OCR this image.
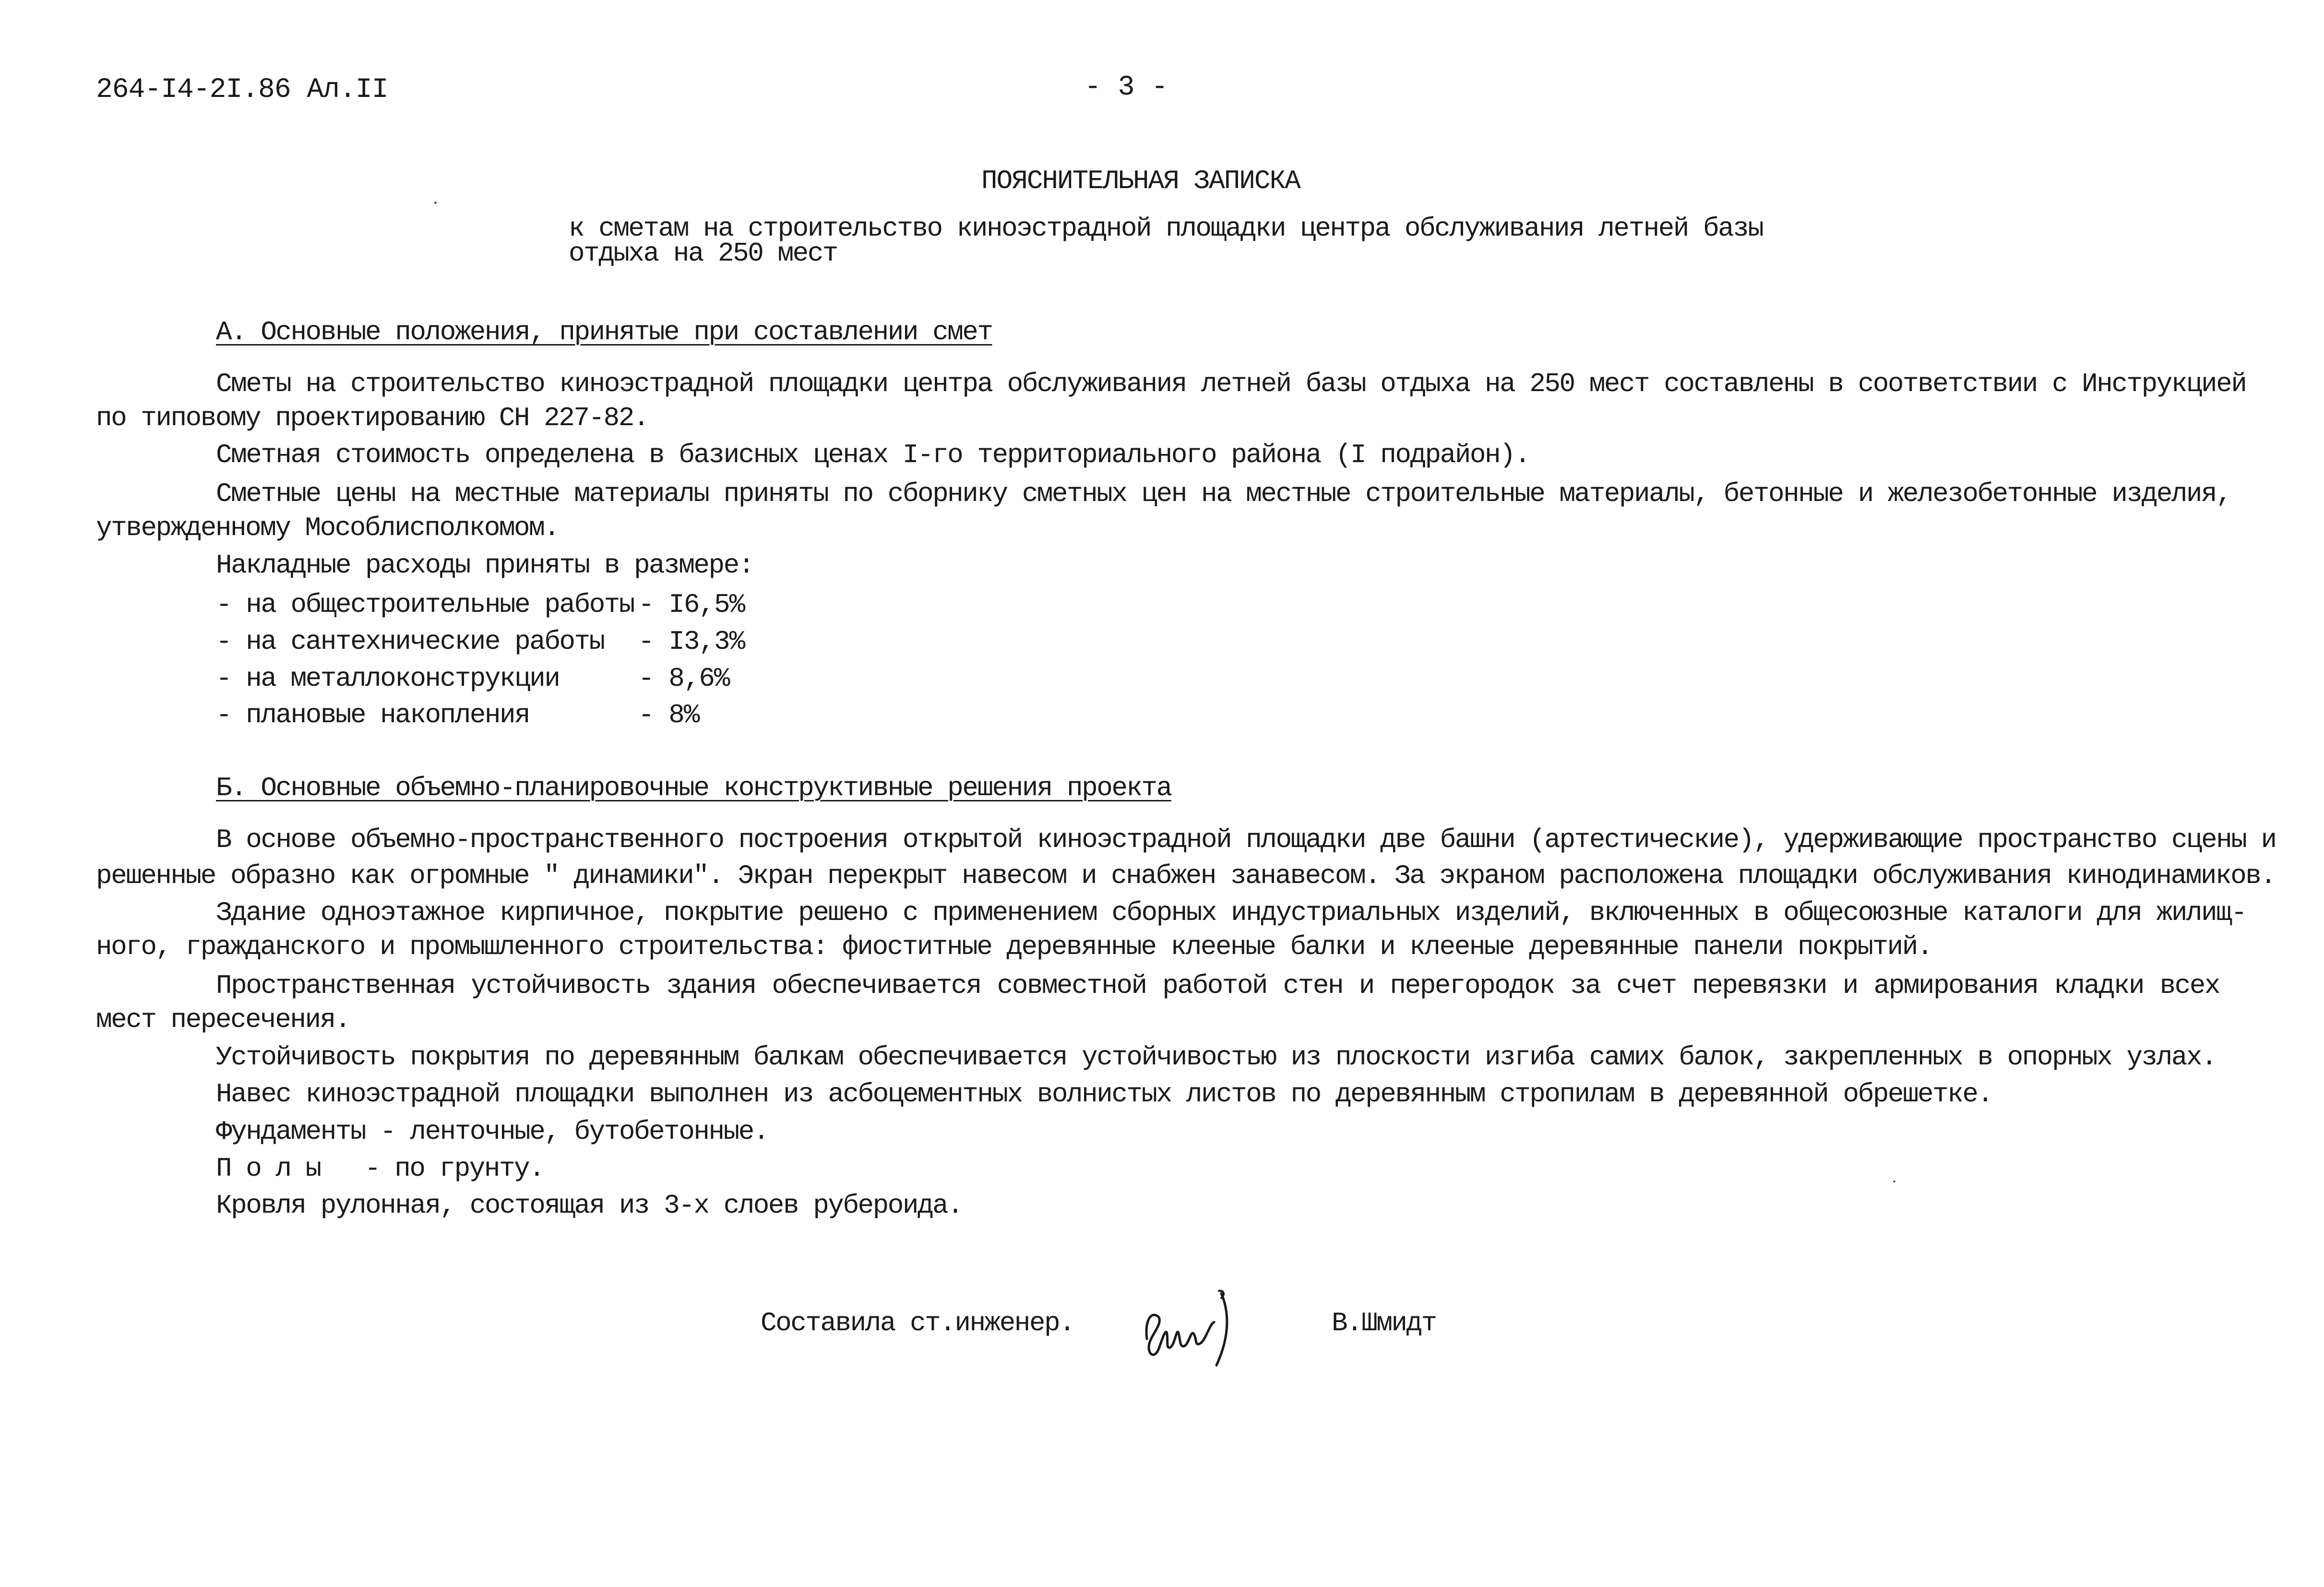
264-I4-2I.86 Ал.II	- 3 -
ПОЯСНИТЕЛЬНАЯ ЗАПИСКА
к сметам на строительство киноэстрадной площадки центра обслуживания летней базы
отдыха на 250 мест
А. Основные положения, принятые при составлении смет
Сметы на строительство киноэстрадной площадки центра обслуживания летней базы отдыха на 250 мест составлены в соответствии с Инструкцией
по типовому проектированию СН 227-82.
Сметная стоимость определена в базисных ценах I-го территориального района (I подрайон).
Сметные цены на местные материалы приняты по сборнику сметных цен на местные строительные материалы, бетонные и железобетонные изделия,
утвержденному Мособлисполкомом.
Накладные расходы приняты в размере:
- на общестроительные работы - I6,5%
- на сантехнические работы - I3,3%
- на металлоконструкции	- 8,6%
- плановые накопления	- 8%
Б. Основные объемно-планировочные конструктивные решения проекта
В основе объемно-пространственного построения открытой киноэстрадной площадки две башни (артестические), удерживающие пространство сцены и
решенные образно как огромные " динамики". Экран перекрыт навесом и снабжен занавесом. За экраном расположена площадки обслуживания кинодинамиков.
Здание одноэтажное кирпичное, покрытие решено с применением сборных индустриальных изделий, включенных в общесоюзные каталоги для жилищ-
ного, гражданского и промышленного строительства: фиоститные деревянные клееные балки и клееные деревянные панели покрытий.
Пространственная устойчивость здания обеспечивается совместной работой стен и перегородок за счет перевязки и армирования кладки всех
мест пересечения.
Устойчивость покрытия по деревянным балкам обеспечивается устойчивостью из плоскости изгиба самих балок, закрепленных в опорных узлах.
Навес киноэстрадной площадки выполнен из асбоцементных волнистых листов по деревянным стропилам в деревянной обрешетке.
Фундаменты - ленточные, бутобетонные.
П о л ы - по грунту.
Кровля рулонная, состоящая из 3-х слоев рубероида.
Составила ст.инженер.	В.Шмидт
